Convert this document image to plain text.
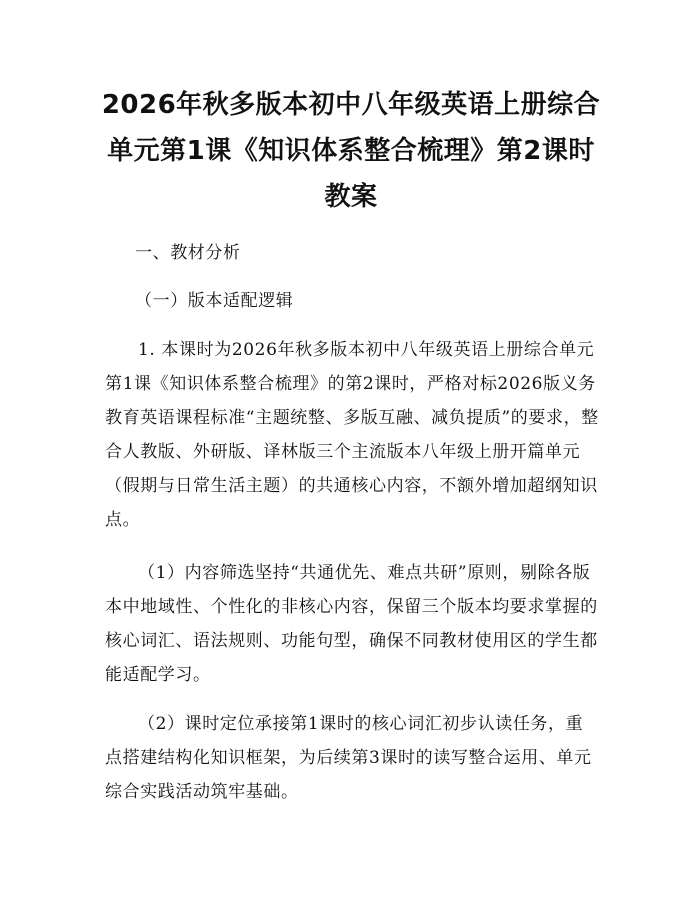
2026年秋多版本初中八年级英语上册综合单元第1课《知识体系整合梳理》第2课时教案

一、教材分析

（一）版本适配逻辑

1. 本课时为2026年秋多版本初中八年级英语上册综合单元第1课《知识体系整合梳理》的第2课时，严格对标2026版义务教育英语课程标准“主题统整、多版互融、减负提质”的要求，整合人教版、外研版、译林版三个主流版本八年级上册开篇单元（假期与日常生活主题）的共通核心内容，不额外增加超纲知识点。

（1）内容筛选坚持“共通优先、难点共研”原则，剔除各版本中地域性、个性化的非核心内容，保留三个版本均要求掌握的核心词汇、语法规则、功能句型，确保不同教材使用区的学生都能适配学习。

（2）课时定位承接第1课时的核心词汇初步认读任务，重点搭建结构化知识框架，为后续第3课时的读写整合运用、单元综合实践活动筑牢基础。
